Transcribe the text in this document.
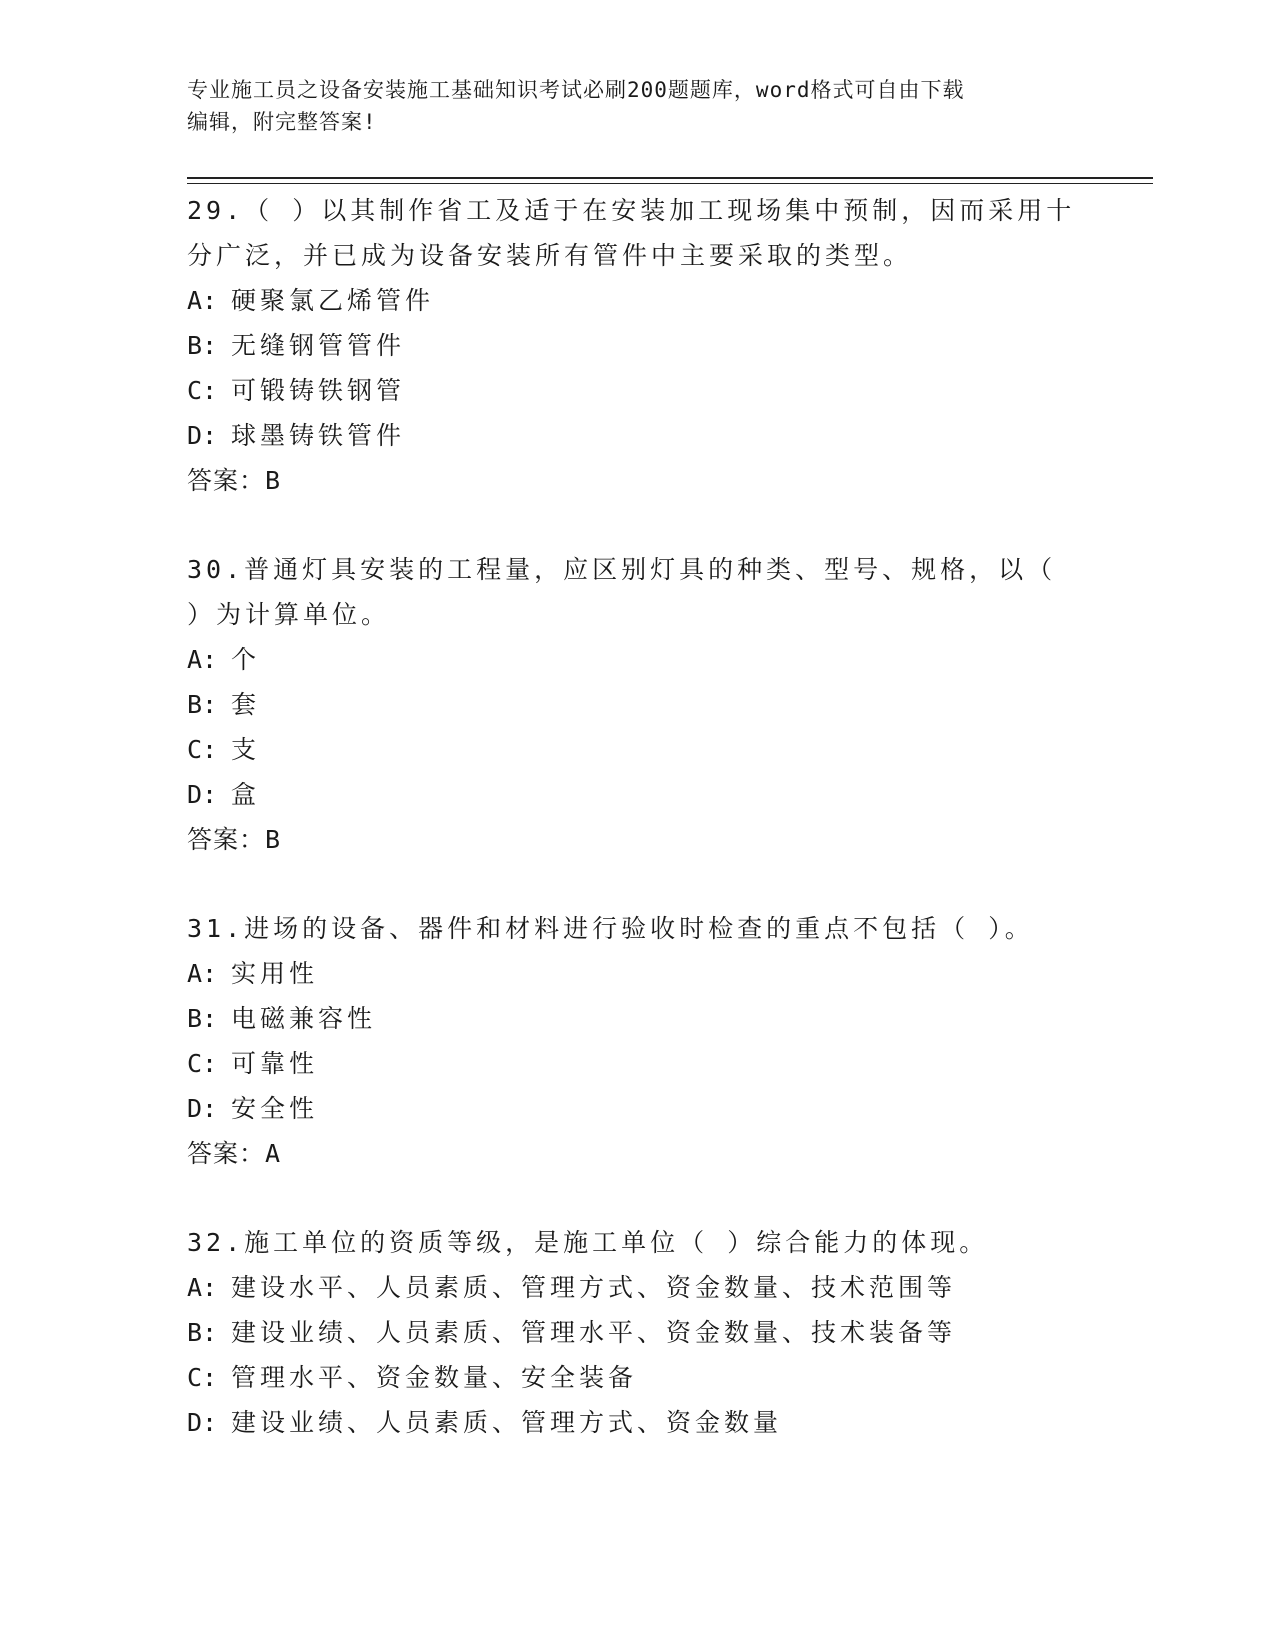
专业施工员之设备安装施工基础知识考试必刷200题题库，word格式可自由下载
编辑，附完整答案!

29.（ ）以其制作省工及适于在安装加工现场集中预制，因而采用十

分广泛，并已成为设备安装所有管件中主要采取的类型。

A: 硬聚氯乙烯管件

B: 无缝钢管管件

C: 可锻铸铁钢管

D: 球墨铸铁管件

答案：B

30.普通灯具安装的工程量，应区别灯具的种类、型号、规格，以（

）为计算单位。

A: 个

B: 套

C: 支

D: 盒

答案：B

31.进场的设备、器件和材料进行验收时检查的重点不包括（ ）。

A: 实用性

B: 电磁兼容性

C: 可靠性

D: 安全性

答案：A

32.施工单位的资质等级，是施工单位（ ）综合能力的体现。

A: 建设水平、人员素质、管理方式、资金数量、技术范围等

B: 建设业绩、人员素质、管理水平、资金数量、技术装备等

C: 管理水平、资金数量、安全装备

D: 建设业绩、人员素质、管理方式、资金数量
